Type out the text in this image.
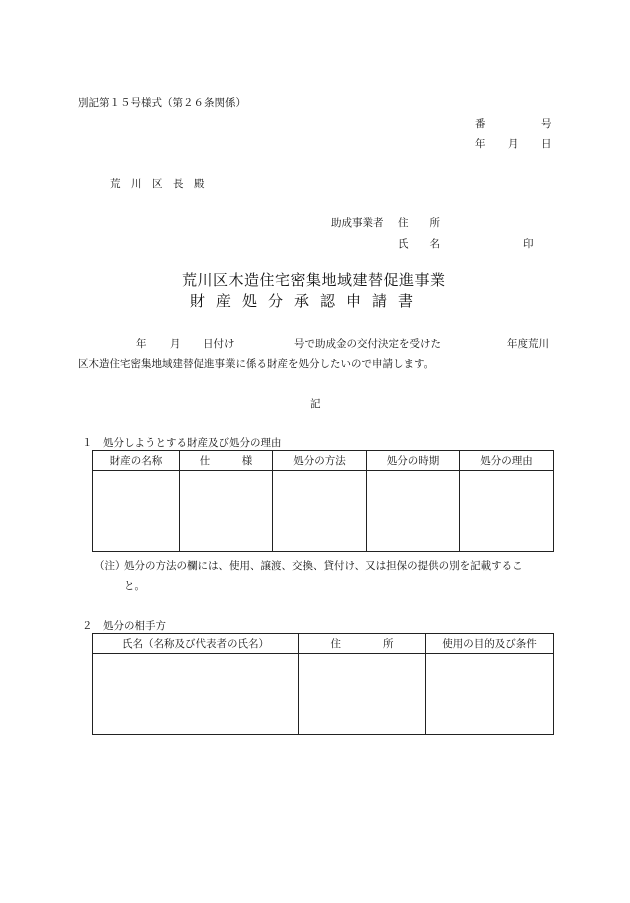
別記第１５号様式（第２６条関係）
番	号
年 月 日
荒　川　区　長　殿
助成事業者 住　　所
氏　　名	印
荒川区木造住宅密集地域建替促進事業
財産処分承認申請書
年 月 日付け	号で助成金の交付決定を受けた	年度荒川
区木造住宅密集地域建替促進事業に係る財産を処分したいので申請します。
記
１　処分しようとする財産及び処分の理由
財産の名称	仕　　　様	処分の方法	処分の時期	処分の理由

（注）
処分の方法の欄には、使用、譲渡、交換、貸付け、又は担保の提供の別を記載するこ
と。
２　処分の相手方
氏名（名称及び代表者の氏名）	住　　　　所	使用の目的及び条件
